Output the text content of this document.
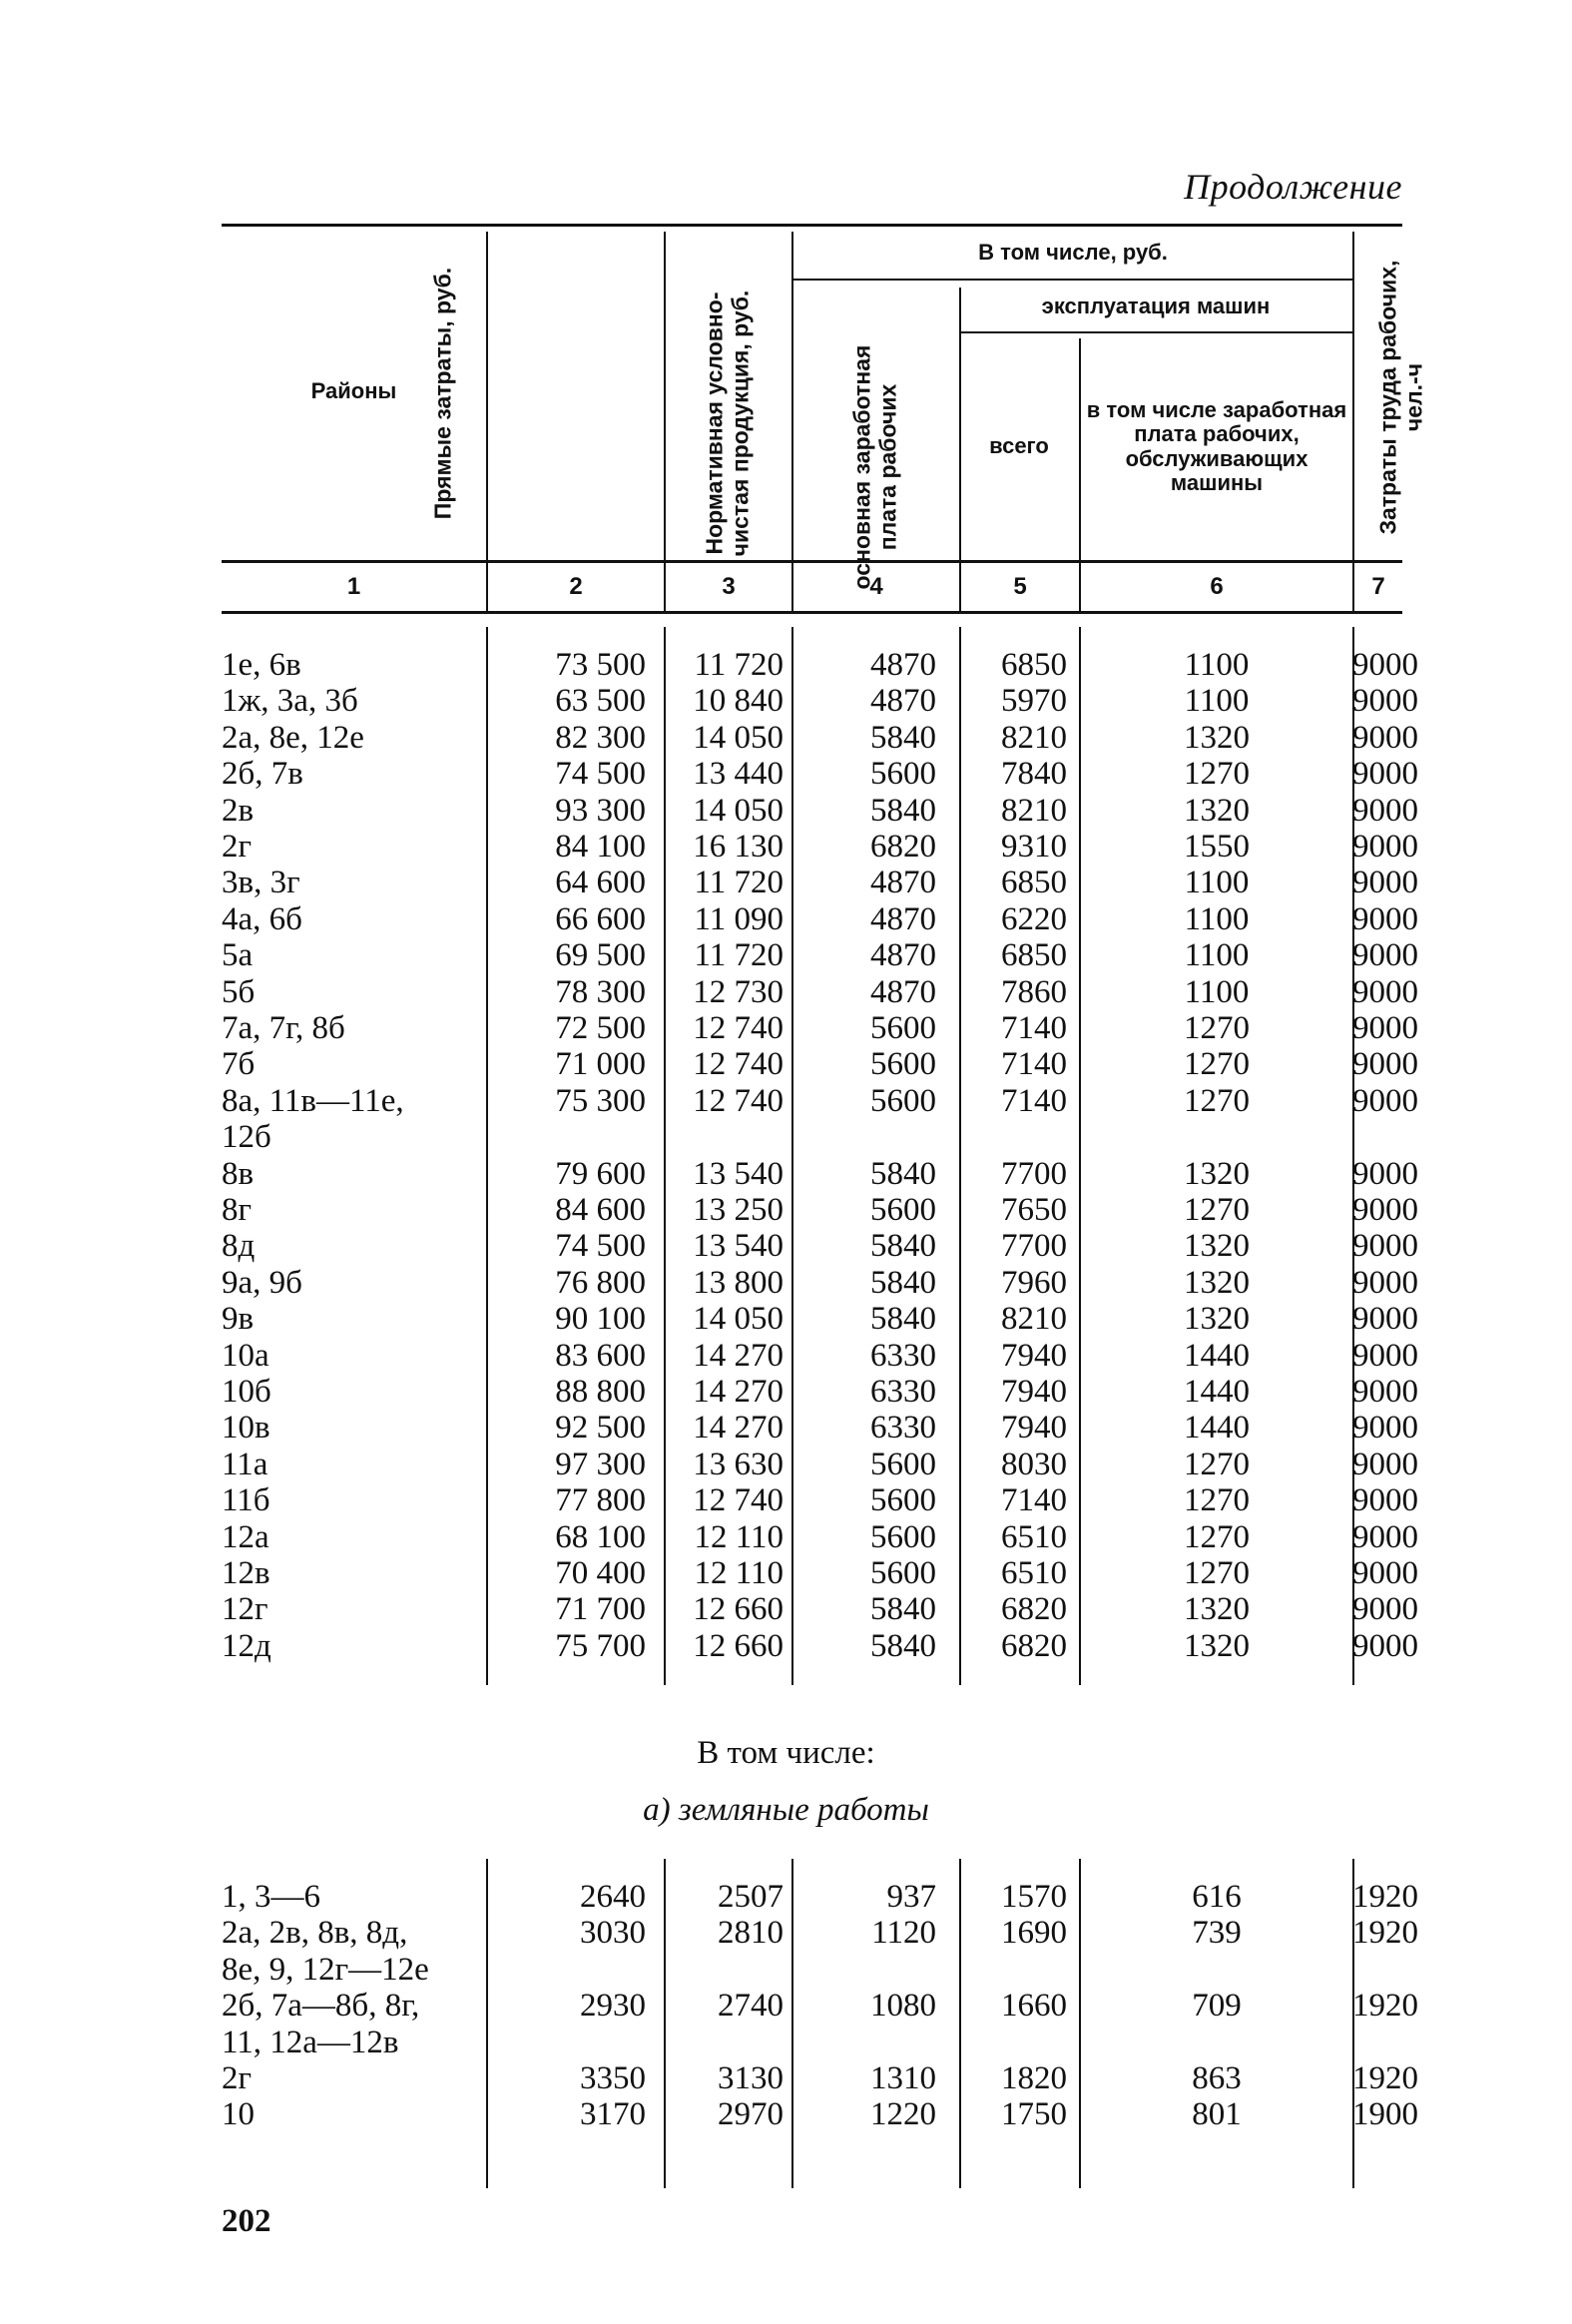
Продолжение
Районы	Прямые затраты, руб.	Нормативная условно-чистая продукция, руб.
В том числе, руб.
основная заработная плата рабочих
эксплуатация машин
всего
в том числе заработная плата рабочих, обслуживающих машины	Затраты труда рабочих, чел.-ч
1	2	3	4	5	6	7
1е, 6в	73 500	11 720	4870	6850	1100	9000
1ж, 3а, 3б	63 500	10 840	4870	5970	1100	9000
2а, 8е, 12е	82 300	14 050	5840	8210	1320	9000
2б, 7в	74 500	13 440	5600	7840	1270	9000
2в	93 300	14 050	5840	8210	1320	9000
2г	84 100	16 130	6820	9310	1550	9000
3в, 3г	64 600	11 720	4870	6850	1100	9000
4а, 6б	66 600	11 090	4870	6220	1100	9000
5а	69 500	11 720	4870	6850	1100	9000
5б	78 300	12 730	4870	7860	1100	9000
7а, 7г, 8б	72 500	12 740	5600	7140	1270	9000
7б	71 000	12 740	5600	7140	1270	9000
8а, 11в—11е,	75 300	12 740	5600	7140	1270	9000
12б
8в	79 600	13 540	5840	7700	1320	9000
8г	84 600	13 250	5600	7650	1270	9000
8д	74 500	13 540	5840	7700	1320	9000
9а, 9б	76 800	13 800	5840	7960	1320	9000
9в	90 100	14 050	5840	8210	1320	9000
10а	83 600	14 270	6330	7940	1440	9000
10б	88 800	14 270	6330	7940	1440	9000
10в	92 500	14 270	6330	7940	1440	9000
11а	97 300	13 630	5600	8030	1270	9000
11б	77 800	12 740	5600	7140	1270	9000
12а	68 100	12 110	5600	6510	1270	9000
12в	70 400	12 110	5600	6510	1270	9000
12г	71 700	12 660	5840	6820	1320	9000
12д	75 700	12 660	5840	6820	1320	9000
В том числе:
а) земляные работы
1, 3—6	2640	2507	937	1570	616	1920
2а, 2в, 8в, 8д,	3030	2810	1120	1690	739	1920
8е, 9, 12г—12е
2б, 7а—8б, 8г,	2930	2740	1080	1660	709	1920
11, 12а—12в
2г	3350	3130	1310	1820	863	1920
10	3170	2970	1220	1750	801	1900
202
